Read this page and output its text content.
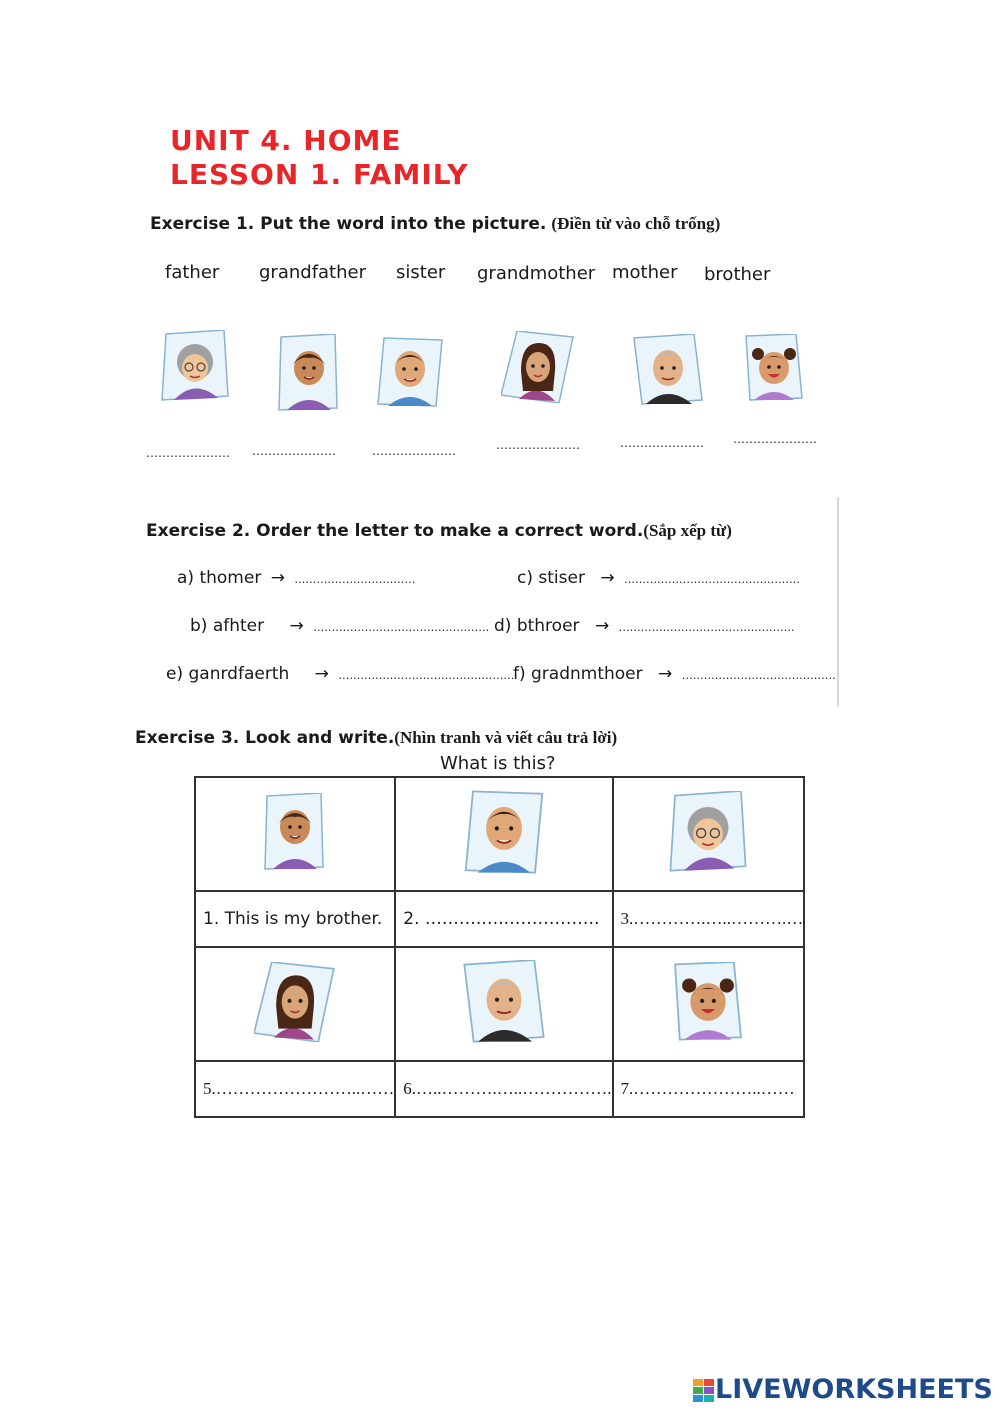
UNIT 4. HOME
LESSON 1. FAMILY
Exercise 1. Put the word into the picture. (Điền từ vào chỗ trống)
father grandfather sister grandmother mother brother
………………… …………………	…………………	…………………	………………… …………………
Exercise 2. Order the letter to make a correct word.(Sắp xếp từ)
a) thomer → ……………………………	c) stiser → …………………………………………
b) afhter → ………………………………………… d) bthroer → …………………………………………
e) ganrdfaerth → …………………………………………
f) gradnmthoer → ……………………………………
Exercise 3. Look and write.(Nhìn tranh và viết câu trả lời)
What is this?

1. This is my brother.	2. ……….…..…………….	3.………….…..……….…

5.……………………..……	6.…..……….…..…………….	7.…………………..……
LIVEWORKSHEETS
